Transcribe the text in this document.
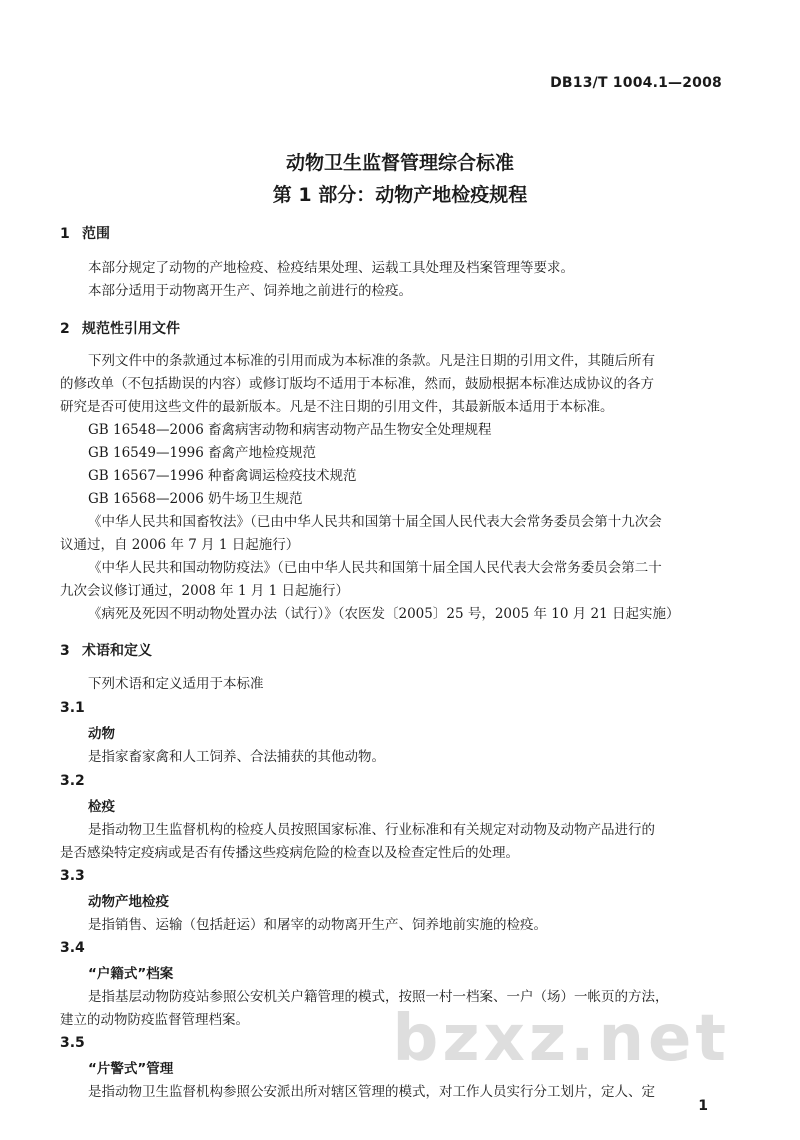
DB13/T 1004.1—2008
动物卫生监督管理综合标准
第 1 部分：动物产地检疫规程
1 范围
本部分规定了动物的产地检疫、检疫结果处理、运载工具处理及档案管理等要求。
本部分适用于动物离开生产、饲养地之前进行的检疫。
2 规范性引用文件
下列文件中的条款通过本标准的引用而成为本标准的条款。凡是注日期的引用文件，其随后所有
的修改单（不包括勘误的内容）或修订版均不适用于本标准，然而，鼓励根据本标准达成协议的各方
研究是否可使用这些文件的最新版本。凡是不注日期的引用文件，其最新版本适用于本标准。
GB 16548—2006 畜禽病害动物和病害动物产品生物安全处理规程
GB 16549—1996 畜禽产地检疫规范
GB 16567—1996 种畜禽调运检疫技术规范
GB 16568—2006 奶牛场卫生规范
《中华人民共和国畜牧法》（已由中华人民共和国第十届全国人民代表大会常务委员会第十九次会
议通过，自 2006 年 7 月 1 日起施行）
《中华人民共和国动物防疫法》（已由中华人民共和国第十届全国人民代表大会常务委员会第二十
九次会议修订通过，2008 年 1 月 1 日起施行）
《病死及死因不明动物处置办法（试行）》（农医发〔2005〕25 号，2005 年 10 月 21 日起实施）
3 术语和定义
下列术语和定义适用于本标准
3.1
动物
是指家畜家禽和人工饲养、合法捕获的其他动物。
3.2
检疫
是指动物卫生监督机构的检疫人员按照国家标准、行业标准和有关规定对动物及动物产品进行的
是否感染特定疫病或是否有传播这些疫病危险的检查以及检查定性后的处理。
3.3
动物产地检疫
是指销售、运输（包括赶运）和屠宰的动物离开生产、饲养地前实施的检疫。
3.4
“户籍式”档案
是指基层动物防疫站参照公安机关户籍管理的模式，按照一村一档案、一户（场）一帐页的方法，
建立的动物防疫监督管理档案。
3.5
“片警式”管理
是指动物卫生监督机构参照公安派出所对辖区管理的模式，对工作人员实行分工划片，定人、定
bzxz.net
1
